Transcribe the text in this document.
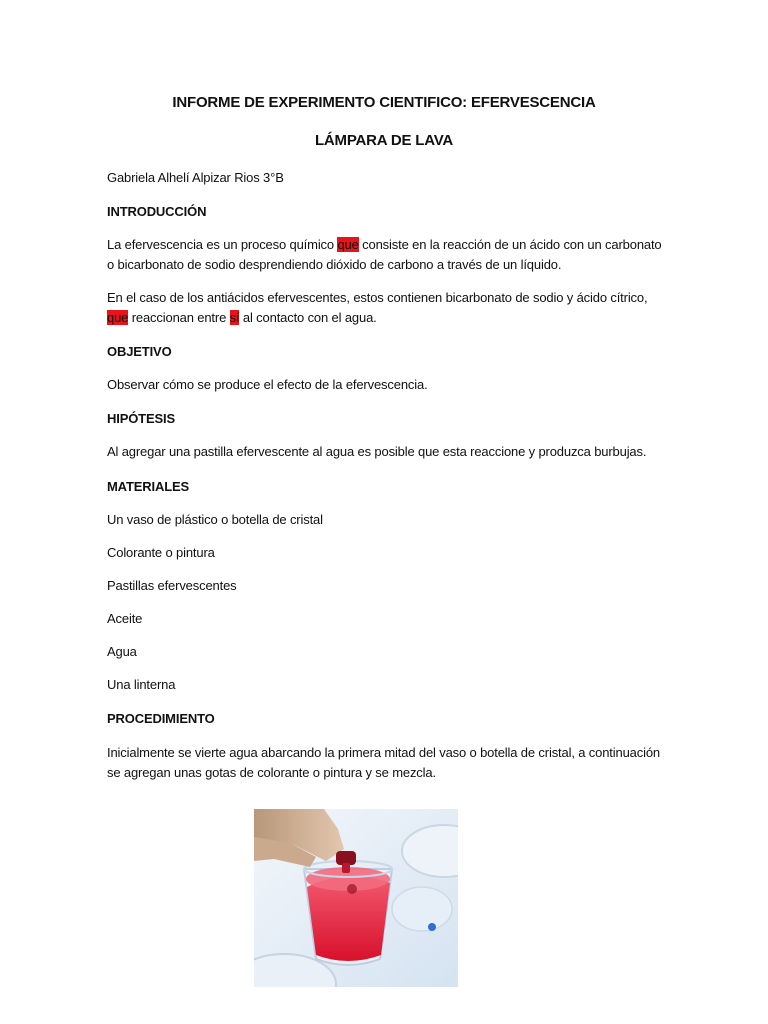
INFORME DE EXPERIMENTO CIENTIFICO: EFERVESCENCIA
LÁMPARA DE LAVA
Gabriela Alhelí Alpizar Rios 3°B
INTRODUCCIÓN
La efervescencia es un proceso químico que consiste en la reacción de un ácido con un carbonato
o bicarbonato de sodio desprendiendo dióxido de carbono a través de un líquido.
En el caso de los antiácidos efervescentes, estos contienen bicarbonato de sodio y ácido cítrico,
que reaccionan entre sí al contacto con el agua.
OBJETIVO
Observar cómo se produce el efecto de la efervescencia.
HIPÓTESIS
Al agregar una pastilla efervescente al agua es posible que esta reaccione y produzca burbujas.
MATERIALES
Un vaso de plástico o botella de cristal
Colorante o pintura
Pastillas efervescentes
Aceite
Agua
Una linterna
PROCEDIMIENTO
Inicialmente se vierte agua abarcando la primera mitad del vaso o botella de cristal, a continuación
se agregan unas gotas de colorante o pintura y se mezcla.
